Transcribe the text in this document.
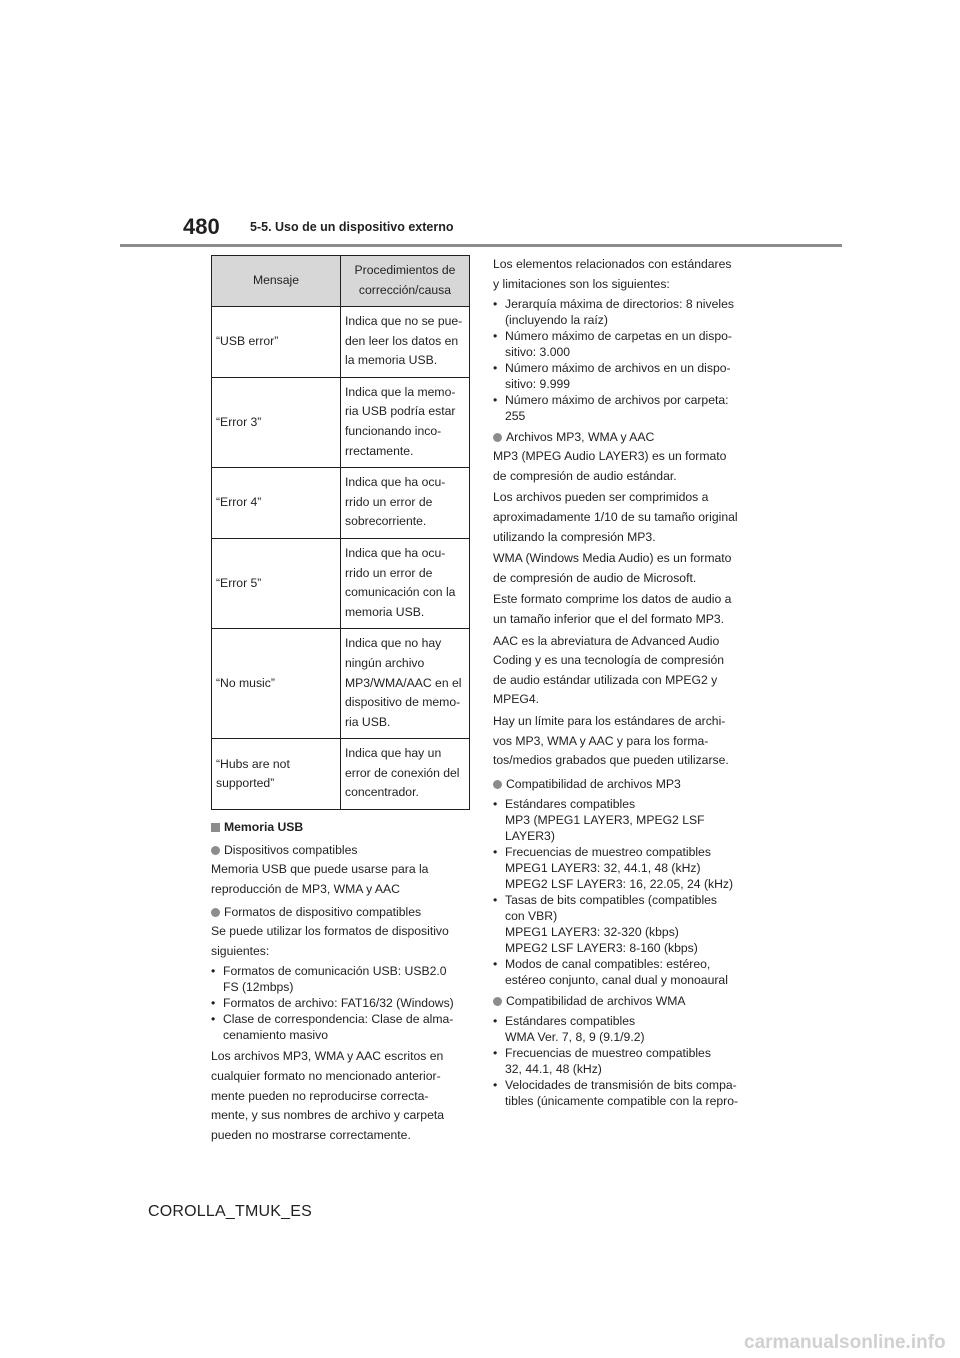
480 5-5. Uso de un dispositivo externo
Mensaje	Procedimientos de
corrección/causa

“USB error”	Indica que no se pue-
den leer los datos en
la memoria USB.

“Error 3”	Indica que la memo-
ria USB podría estar
funcionando inco-
rrectamente.

“Error 4”	Indica que ha ocu-
rrido un error de
sobrecorriente.

“Error 5”	Indica que ha ocu-
rrido un error de
comunicación con la
memoria USB.

“No music”	Indica que no hay
ningún archivo
MP3/WMA/AAC en el
dispositivo de memo-
ria USB.

“Hubs are not
supported”	Indica que hay un
error de conexión del
concentrador.
Memoria USB
Dispositivos compatibles

Memoria USB que puede usarse para la
reproducción de MP3, WMA y AAC

Formatos de dispositivo compatibles

Se puede utilizar los formatos de dispositivo
siguientes:

• Formatos de comunicación USB: USB2.0
FS (12mbps)
• Formatos de archivo: FAT16/32 (Windows)
• Clase de correspondencia: Clase de alma-
cenamiento masivo

Los archivos MP3, WMA y AAC escritos en
cualquier formato no mencionado anterior-
mente pueden no reproducirse correcta-
mente, y sus nombres de archivo y carpeta
pueden no mostrarse correctamente.

Los elementos relacionados con estándares
y limitaciones son los siguientes:

• Jerarquía máxima de directorios: 8 niveles
(incluyendo la raíz)
• Número máximo de carpetas en un dispo-
sitivo: 3.000
• Número máximo de archivos en un dispo-
sitivo: 9.999
• Número máximo de archivos por carpeta:
255
Archivos MP3, WMA y AAC

MP3 (MPEG Audio LAYER3) es un formato
de compresión de audio estándar.

Los archivos pueden ser comprimidos a
aproximadamente 1/10 de su tamaño original
utilizando la compresión MP3.

WMA (Windows Media Audio) es un formato
de compresión de audio de Microsoft.

Este formato comprime los datos de audio a
un tamaño inferior que el del formato MP3.

AAC es la abreviatura de Advanced Audio
Coding y es una tecnología de compresión
de audio estándar utilizada con MPEG2 y
MPEG4.

Hay un límite para los estándares de archi-
vos MP3, WMA y AAC y para los forma-
tos/medios grabados que pueden utilizarse.

Compatibilidad de archivos MP3
• Estándares compatibles
MP3 (MPEG1 LAYER3, MPEG2 LSF
LAYER3)
• Frecuencias de muestreo compatibles
MPEG1 LAYER3: 32, 44.1, 48 (kHz)
MPEG2 LSF LAYER3: 16, 22.05, 24 (kHz)
• Tasas de bits compatibles (compatibles
con VBR)
MPEG1 LAYER3: 32-320 (kbps)
MPEG2 LSF LAYER3: 8-160 (kbps)
• Modos de canal compatibles: estéreo,
estéreo conjunto, canal dual y monoaural
Compatibilidad de archivos WMA
• Estándares compatibles
WMA Ver. 7, 8, 9 (9.1/9.2)
• Frecuencias de muestreo compatibles
32, 44.1, 48 (kHz)
• Velocidades de transmisión de bits compa-
tibles (únicamente compatible con la repro-
COROLLA_TMUK_ES
carmanualsonline.info
